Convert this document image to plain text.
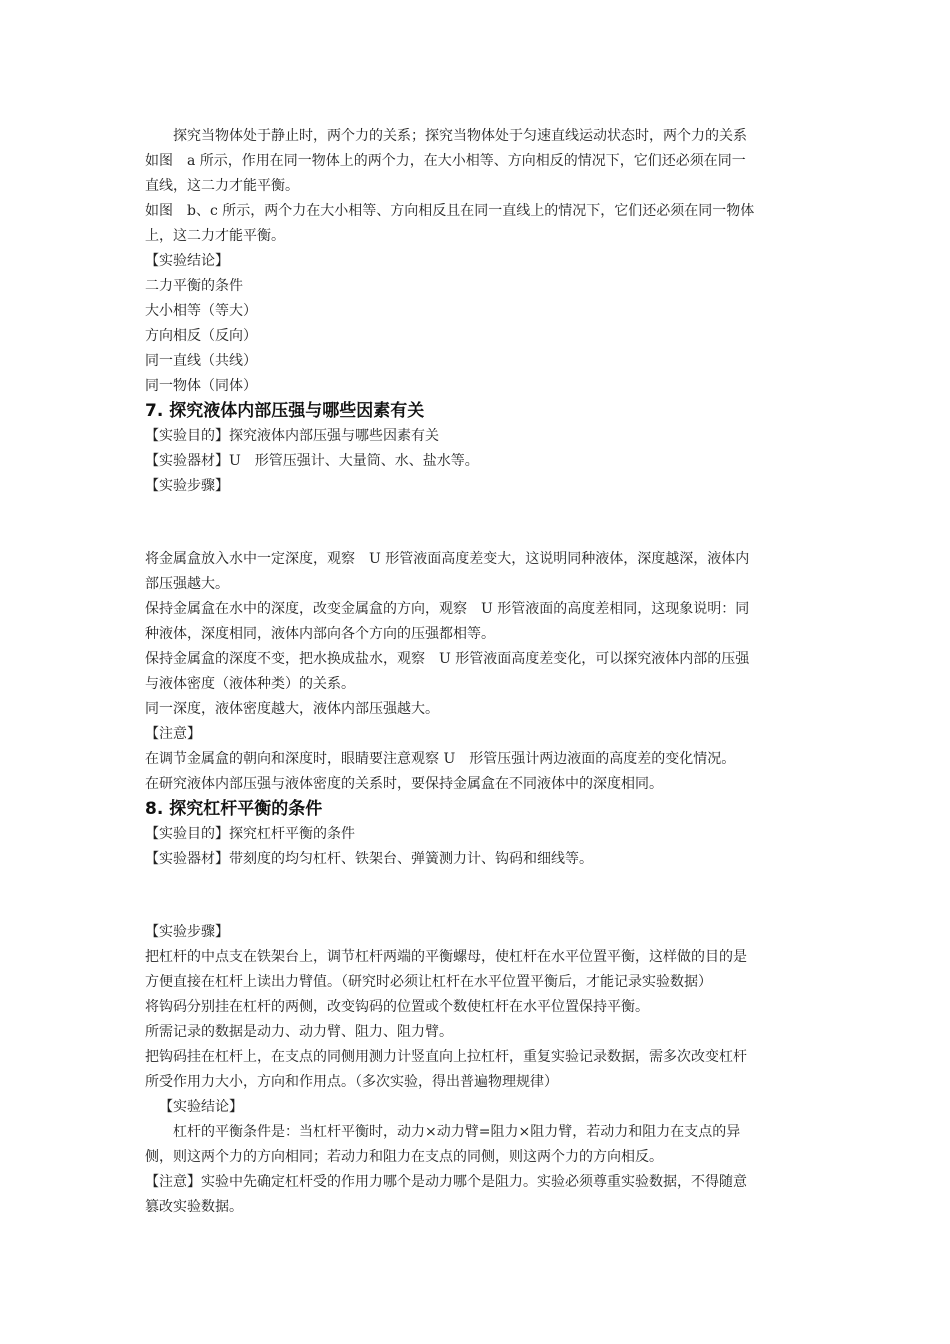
探究当物体处于静止时，两个力的关系；探究当物体处于匀速直线运动状态时，两个力的关系
如图　a 所示，作用在同一物体上的两个力，在大小相等、方向相反的情况下，它们还必须在同一
直线，这二力才能平衡。
如图　b、c 所示，两个力在大小相等、方向相反且在同一直线上的情况下，它们还必须在同一物体
上，这二力才能平衡。
【实验结论】
二力平衡的条件
大小相等（等大）
方向相反（反向）
同一直线（共线）
同一物体（同体）
7. 探究液体内部压强与哪些因素有关
【实验目的】探究液体内部压强与哪些因素有关
【实验器材】U　形管压强计、大量筒、水、盐水等。
【实验步骤】
将金属盒放入水中一定深度，观察　U 形管液面高度差变大，这说明同种液体，深度越深，液体内
部压强越大。
保持金属盒在水中的深度，改变金属盒的方向，观察　U 形管液面的高度差相同，这现象说明：同
种液体，深度相同，液体内部向各个方向的压强都相等。
保持金属盒的深度不变，把水换成盐水，观察　U 形管液面高度差变化，可以探究液体内部的压强
与液体密度（液体种类）的关系。
同一深度，液体密度越大，液体内部压强越大。
【注意】
在调节金属盒的朝向和深度时，眼睛要注意观察 U　形管压强计两边液面的高度差的变化情况。
在研究液体内部压强与液体密度的关系时，要保持金属盒在不同液体中的深度相同。
8. 探究杠杆平衡的条件
【实验目的】探究杠杆平衡的条件
【实验器材】带刻度的均匀杠杆、铁架台、弹簧测力计、钩码和细线等。
【实验步骤】
把杠杆的中点支在铁架台上，调节杠杆两端的平衡螺母，使杠杆在水平位置平衡，这样做的目的是
方便直接在杠杆上读出力臂值。（研究时必须让杠杆在水平位置平衡后，才能记录实验数据）
将钩码分别挂在杠杆的两侧，改变钩码的位置或个数使杠杆在水平位置保持平衡。
所需记录的数据是动力、动力臂、阻力、阻力臂。
把钩码挂在杠杆上，在支点的同侧用测力计竖直向上拉杠杆，重复实验记录数据，需多次改变杠杆
所受作用力大小，方向和作用点。（多次实验，得出普遍物理规律）
【实验结论】
杠杆的平衡条件是：当杠杆平衡时，动力×动力臂=阻力×阻力臂，若动力和阻力在支点的异
侧，则这两个力的方向相同；若动力和阻力在支点的同侧，则这两个力的方向相反。
【注意】实验中先确定杠杆受的作用力哪个是动力哪个是阻力。实验必须尊重实验数据，不得随意
篡改实验数据。
